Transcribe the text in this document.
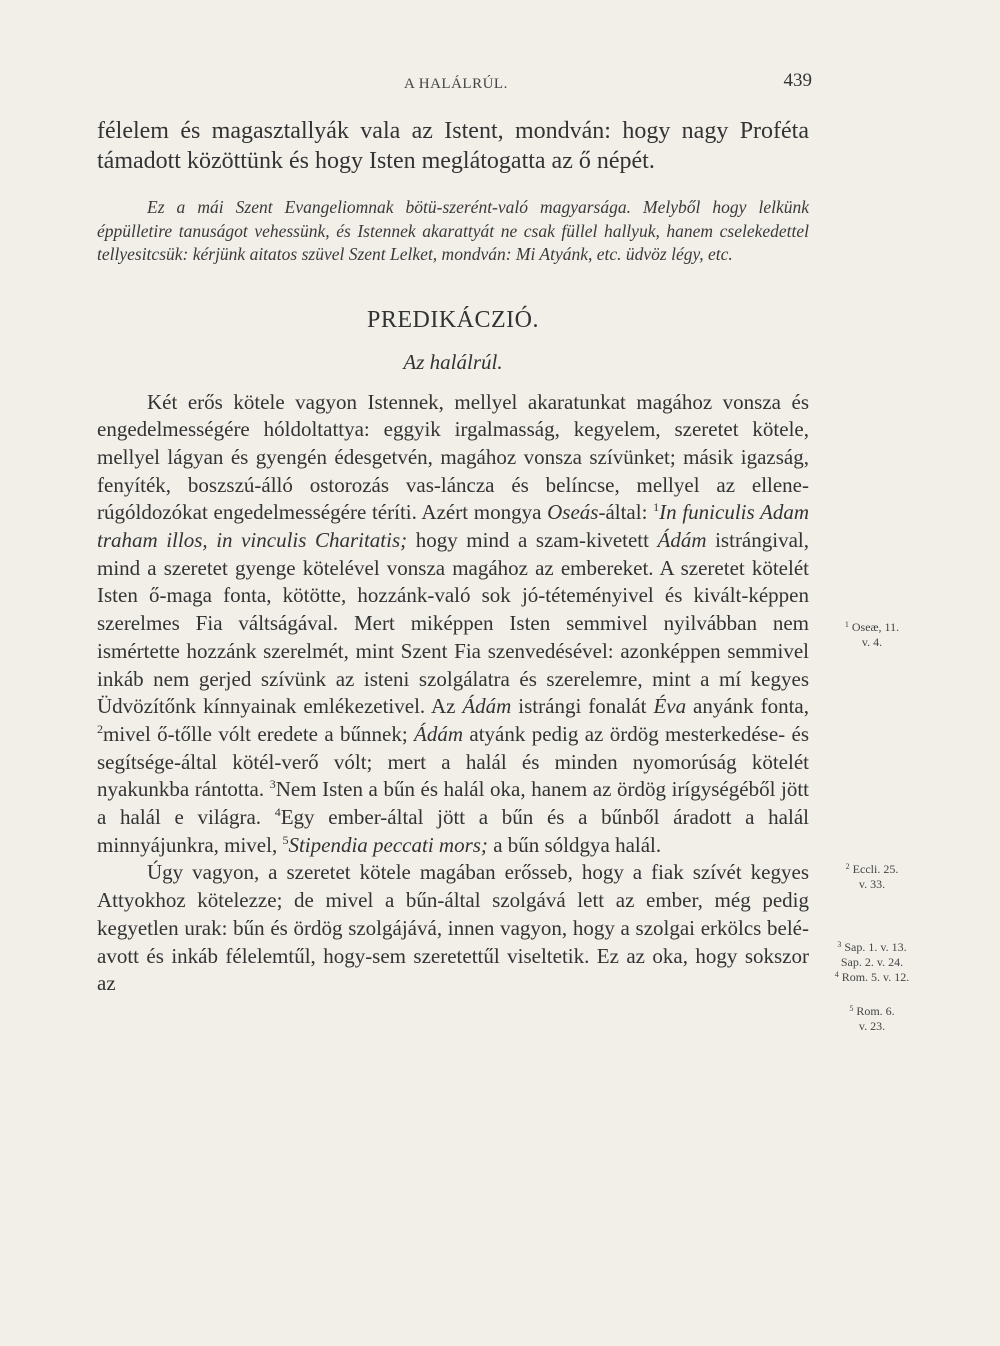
A HALÁLRÚL.	439

félelem és magasztallyák vala az Istent, mondván: hogy nagy Proféta támadott közöttünk és hogy Isten meglátogatta az ő népét.

Ez a mái Szent Evangeliomnak bötü-szerént-való magyarsága. Melyből hogy lelkünk éppülletire tanuságot vehessünk, és Istennek akarattyát ne csak füllel hallyuk, hanem cselekedettel tellyesitcsük: kérjünk aitatos szüvel Szent Lelket, mondván: Mi Atyánk, etc. üdvöz légy, etc.

PREDIKÁCZIÓ.
Az halálrúl.

Két erős kötele vagyon Istennek, mellyel akaratunkat magához vonsza és engedelmességére hóldoltattya: eggyik irgalmasság, kegyelem, szeretet kötele, mellyel lágyan és gyengén édesgetvén, magához vonsza szívünket; másik igazság, fenyíték, boszszú-álló ostorozás vas-láncza és belíncse, mellyel az ellene-rúgóldozókat engedelmességére téríti. Azért mongya Oseás-által: $^1$In funiculis Adam traham illos, in vinculis Charitatis; hogy mind a szam-kivetett Ádám istrángival, mind a szeretet gyenge kötelével vonsza magához az embereket. A szeretet kötelét Isten ő-maga fonta, kötötte, hozzánk-való sok jó-téteményivel és kivált-képpen szerelmes Fia váltságával. Mert miképpen Isten semmivel nyilvábban nem ismértette hozzánk szerelmét, mint Szent Fia szenvedésével: azonképpen semmivel inkáb nem gerjed szívünk az isteni szolgálatra és szerelemre, mint a mí kegyes Üdvözítőnk kínnyainak emlékezetivel. Az Ádám istrángi fonalát Éva anyánk fonta, $^2$mivel ő-tőlle vólt eredete a bűnnek; Ádám atyánk pedig az ördög mesterkedése- és segítsége-által kötél-verő vólt; mert a halál és minden nyomorúság kötelét nyakunkba rántotta. $^3$Nem Isten a bűn és halál oka, hanem az ördög irígységéből jött a halál e világra. $^4$Egy ember-által jött a bűn és a bűnből áradott a halál minnyájunkra, mivel, $^5$Stipendia peccati mors; a bűn sóldgya halál.

Úgy vagyon, a szeretet kötele magában erősseb, hogy a fiak szívét kegyes Attyokhoz kötelezze; de mivel a bűn-által szolgává lett az ember, még pedig kegyetlen urak: bűn és ördög szolgájává, innen vagyon, hogy a szolgai erkölcs belé-avott és inkáb félelemtűl, hogy-sem szeretettűl viseltetik. Ez az oka, hogy sokszor az

$^1$ Oseæ, 11.
v. 4.
$^2$ Eccli. 25.
v. 33.
$^3$ Sap. 1. v. 13.
Sap. 2. v. 24.
$^4$ Rom. 5. v. 12.
$^5$ Rom. 6.
v. 23.
